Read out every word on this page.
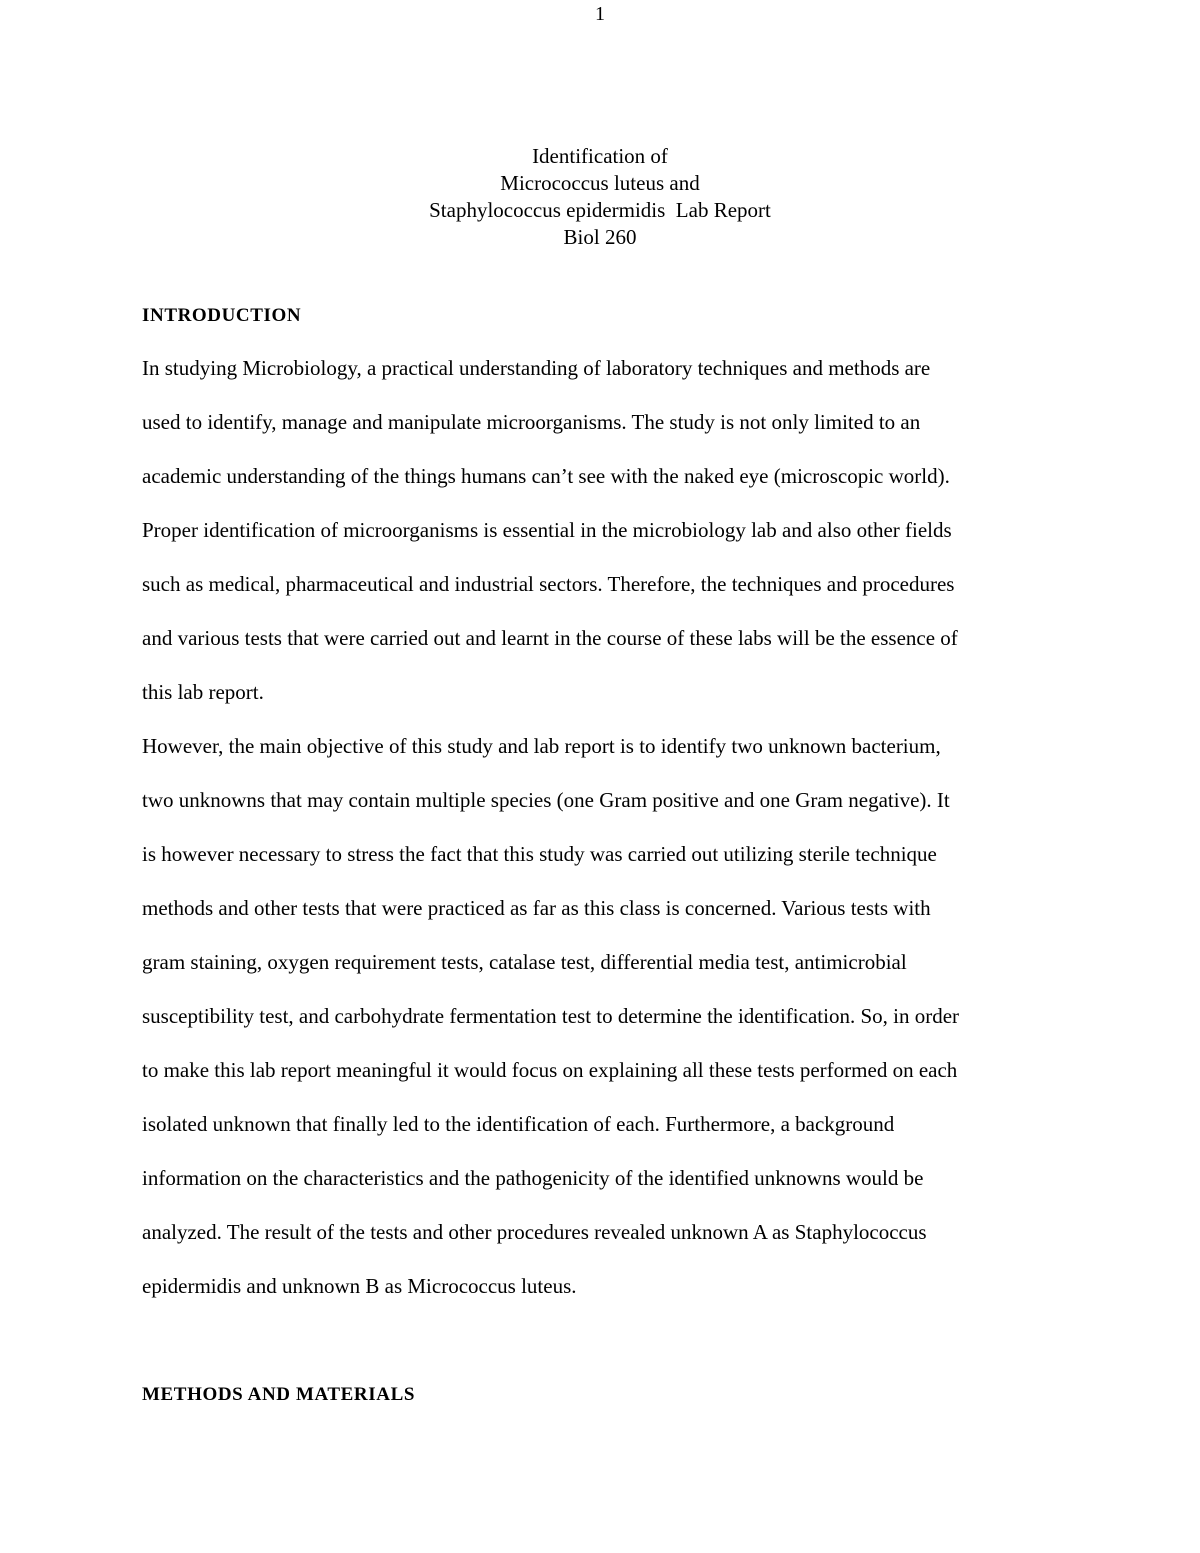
1
Identification of
Micrococcus luteus and
Staphylococcus epidermidis  Lab Report
Biol 260
INTRODUCTION
In studying Microbiology, a practical understanding of laboratory techniques and methods are
used to identify, manage and manipulate microorganisms. The study is not only limited to an
academic understanding of the things humans can’t see with the naked eye (microscopic world).
Proper identification of microorganisms is essential in the microbiology lab and also other fields
such as medical, pharmaceutical and industrial sectors. Therefore, the techniques and procedures
and various tests that were carried out and learnt in the course of these labs will be the essence of
this lab report.
However, the main objective of this study and lab report is to identify two unknown bacterium,
two unknowns that may contain multiple species (one Gram positive and one Gram negative). It
is however necessary to stress the fact that this study was carried out utilizing sterile technique
methods and other tests that were practiced as far as this class is concerned. Various tests with
gram staining, oxygen requirement tests, catalase test, differential media test, antimicrobial
susceptibility test, and carbohydrate fermentation test to determine the identification. So, in order
to make this lab report meaningful it would focus on explaining all these tests performed on each
isolated unknown that finally led to the identification of each. Furthermore, a background
information on the characteristics and the pathogenicity of the identified unknowns would be
analyzed. The result of the tests and other procedures revealed unknown A as Staphylococcus
epidermidis and unknown B as Micrococcus luteus.
METHODS AND MATERIALS
